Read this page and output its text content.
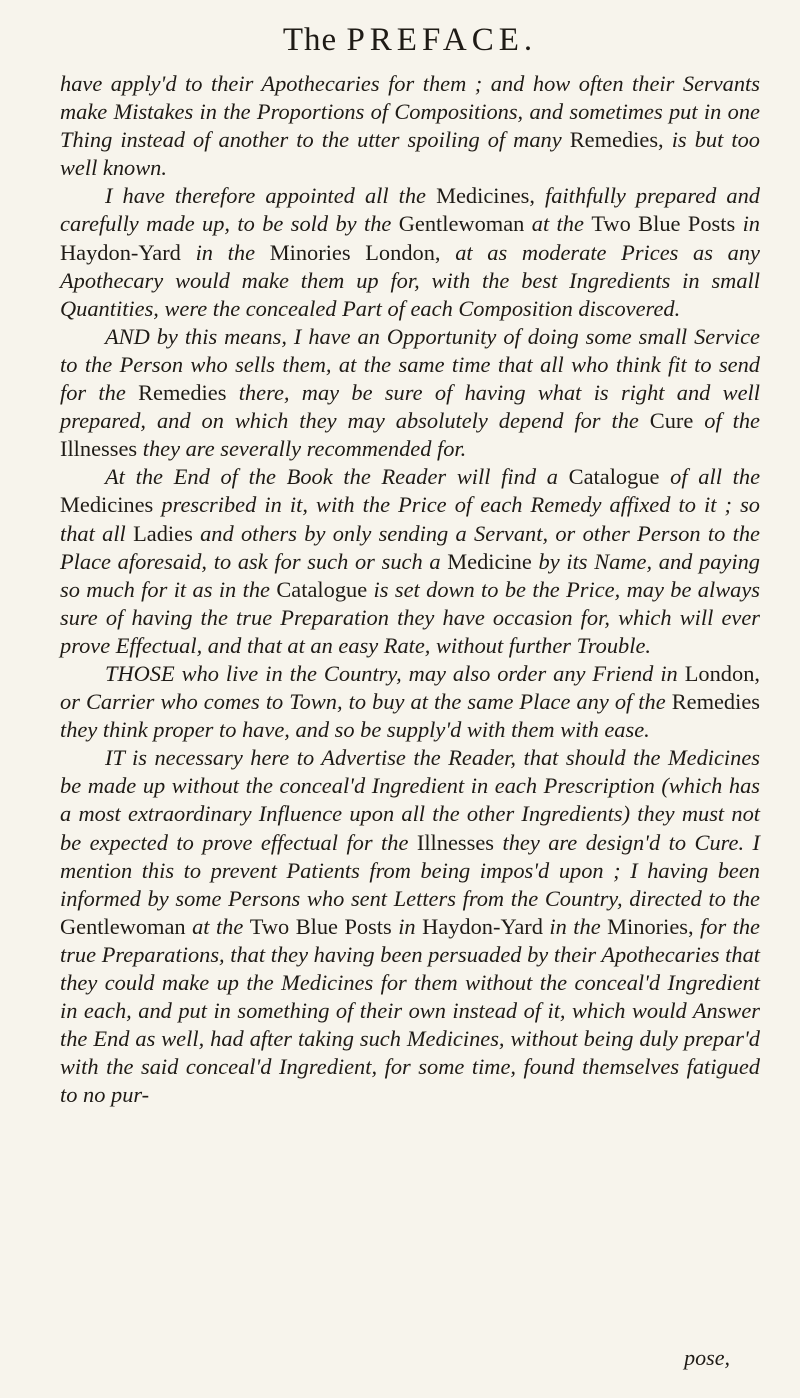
The PREFACE.

have apply'd to their Apothecaries for them ; and how often their Servants make Mistakes in the Proportions of Compositions, and sometimes put in one Thing instead of another to the utter spoiling of many Remedies, is but too well known.

I have therefore appointed all the Medicines, faithfully prepared and carefully made up, to be sold by the Gentlewoman at the Two Blue Posts in Haydon-Yard in the Minories London, at as moderate Prices as any Apothecary would make them up for, with the best Ingredients in small Quantities, were the concealed Part of each Composition discovered.

AND by this means, I have an Opportunity of doing some small Service to the Person who sells them, at the same time that all who think fit to send for the Remedies there, may be sure of having what is right and well prepared, and on which they may absolutely depend for the Cure of the Illnesses they are severally recommended for.

At the End of the Book the Reader will find a Catalogue of all the Medicines prescribed in it, with the Price of each Remedy affixed to it ; so that all Ladies and others by only sending a Servant, or other Person to the Place aforesaid, to ask for such or such a Medicine by its Name, and paying so much for it as in the Catalogue is set down to be the Price, may be always sure of having the true Preparation they have occasion for, which will ever prove Effectual, and that at an easy Rate, without further Trouble.

THOSE who live in the Country, may also order any Friend in London, or Carrier who comes to Town, to buy at the same Place any of the Remedies they think proper to have, and so be supply'd with them with ease.

IT is necessary here to Advertise the Reader, that should the Medicines be made up without the conceal'd Ingredient in each Prescription (which has a most extraordinary Influence upon all the other Ingredients) they must not be expected to prove effectual for the Illnesses they are design'd to Cure. I mention this to prevent Patients from being impos'd upon ; I having been informed by some Persons who sent Letters from the Country, directed to the Gentlewoman at the Two Blue Posts in Haydon-Yard in the Minories, for the true Preparations, that they having been persuaded by their Apothecaries that they could make up the Medicines for them without the conceal'd Ingredient in each, and put in something of their own instead of it, which would Answer the End as well, had after taking such Medicines, without being duly prepar'd with the said conceal'd Ingredient, for some time, found themselves fatigued to no pur-

pose,
